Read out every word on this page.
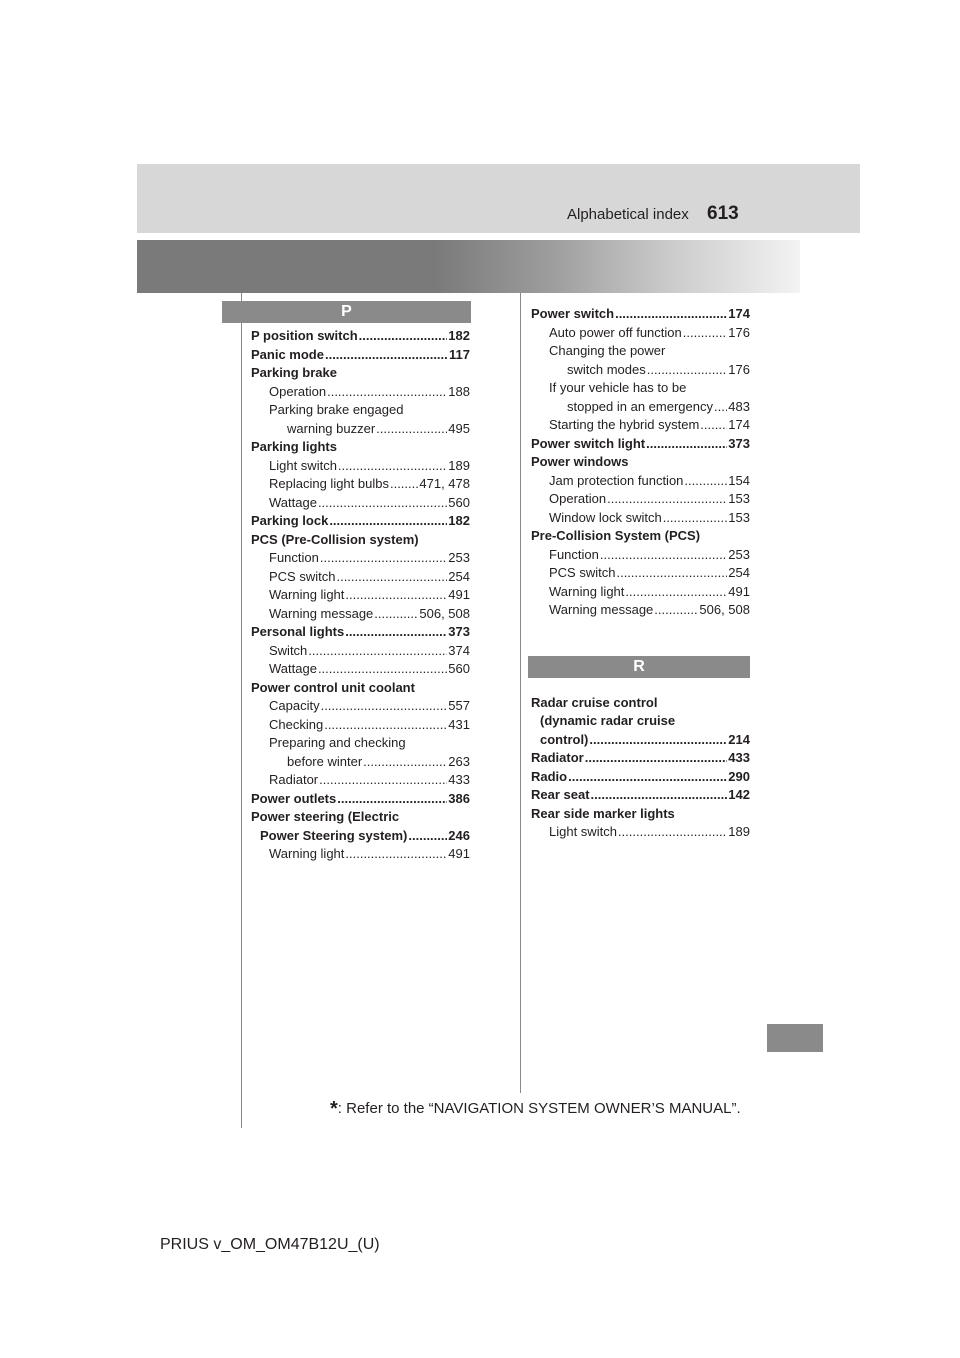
Alphabetical index 613
P
P position switch .....	182
Panic mode .....	117
Parking brake
Operation .....	188
Parking brake engaged
warning buzzer .....	495
Parking lights
Light switch .....	189
Replacing light bulbs ..... 471, 478
Wattage .....	560
Parking lock .....	182
PCS (Pre-Collision system)
Function .....	253
PCS switch .....	254
Warning light .....	491
Warning message .....	506, 508
Personal lights .....	373
Switch .....	374
Wattage .....	560
Power control unit coolant
Capacity .....	557
Checking .....	431
Preparing and checking
before winter .....	263
Radiator .....	433
Power outlets .....	386
Power steering (Electric
Power Steering system) .....	246
Warning light .....	491
Power switch .....	174
Auto power off function .....	176
Changing the power
switch modes .....	176
If your vehicle has to be
stopped in an emergency ..... 483
Starting the hybrid system ..... 174
Power switch light .....	373
Power windows
Jam protection function .....	154
Operation .....	153
Window lock switch .....	153
Pre-Collision System (PCS)
Function .....	253
PCS switch .....	254
Warning light .....	491
Warning message .....	506, 508
R
Radar cruise control
(dynamic radar cruise
control) .....	214
Radiator .....	433
Radio .....	290
Rear seat .....	142
Rear side marker lights
Light switch .....	189
*: Refer to the “NAVIGATION SYSTEM OWNER’S MANUAL”.
PRIUS v_OM_OM47B12U_(U)
